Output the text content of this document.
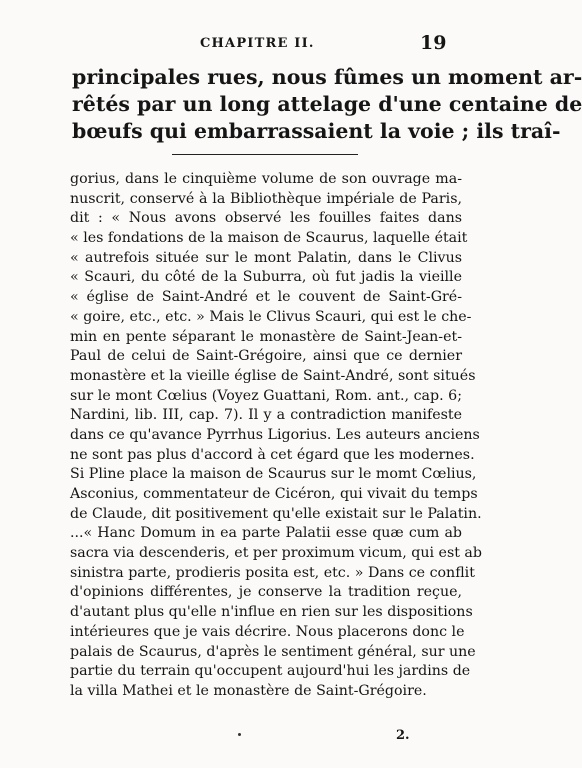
CHAPITRE II.	19
principales rues, nous fûmes un moment ar-
rêtés par un long attelage d'une centaine de
bœufs qui embarrassaient la voie ; ils traî-
gorius, dans le cinquième volume de son ouvrage ma-
nuscrit, conservé à la Bibliothèque impériale de Paris,
dit : « Nous avons observé les fouilles faites dans
« les fondations de la maison de Scaurus, laquelle était
« autrefois située sur le mont Palatin, dans le Clivus
« Scauri, du côté de la Suburra, où fut jadis la vieille
« église de Saint-André et le couvent de Saint-Gré-
« goire, etc., etc. » Mais le Clivus Scauri, qui est le che-
min en pente séparant le monastère de Saint-Jean-et-
Paul de celui de Saint-Grégoire, ainsi que ce dernier
monastère et la vieille église de Saint-André, sont situés
sur le mont Cœlius (Voyez Guattani, Rom. ant., cap. 6;
Nardini, lib. III, cap. 7). Il y a contradiction manifeste
dans ce qu'avance Pyrrhus Ligorius. Les auteurs anciens
ne sont pas plus d'accord à cet égard que les modernes.
Si Pline place la maison de Scaurus sur le momt Cœlius,
Asconius, commentateur de Cicéron, qui vivait du temps
de Claude, dit positivement qu'elle existait sur le Palatin.
...« Hanc Domum in ea parte Palatii esse quæ cum ab
sacra via descenderis, et per proximum vicum, qui est ab
sinistra parte, prodieris posita est, etc. » Dans ce conflit
d'opinions différentes, je conserve la tradition reçue,
d'autant plus qu'elle n'influe en rien sur les dispositions
intérieures que je vais décrire. Nous placerons donc le
palais de Scaurus, d'après le sentiment général, sur une
partie du terrain qu'occupent aujourd'hui les jardins de
la villa Mathei et le monastère de Saint-Grégoire.
2.
